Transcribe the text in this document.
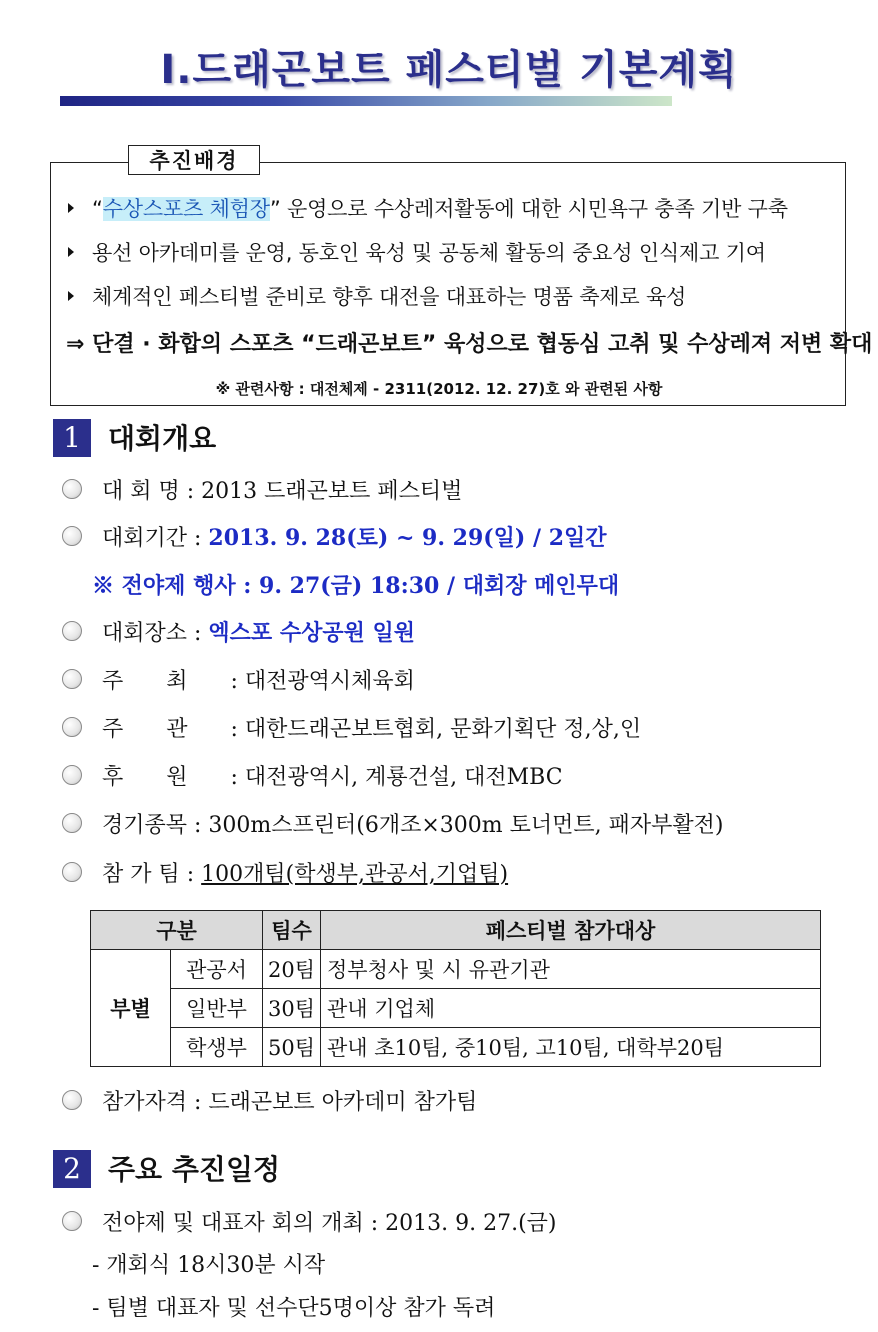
Ⅰ.드래곤보트 페스티벌 기본계획
추진배경
“수상스포츠 체험장” 운영으로 수상레저활동에 대한 시민욕구 충족 기반 구축
용선 아카데미를 운영, 동호인 육성 및 공동체 활동의 중요성 인식제고 기여
체계적인 페스티벌 준비로 향후 대전을 대표하는 명품 축제로 육성
⇒ 단결 · 화합의 스포츠 “드래곤보트” 육성으로 협동심 고취 및 수상레져 저변 확대
※ 관련사항 : 대전체제 - 2311(2012. 12. 27)호 와 관련된 사항
1 대회개요
대 회 명 : 2013 드래곤보트 페스티벌
대회기간 : 2013. 9. 28(토) ~ 9. 29(일) / 2일간
※ 전야제 행사 : 9. 27(금) 18:30 / 대회장 메인무대
대회장소 : 엑스포 수상공원 일원
주 최 : 대전광역시체육회
주 관 : 대한드래곤보트협회, 문화기획단 정,상,인
후 원 : 대전광역시, 계룡건설, 대전MBC
경기종목 : 300m스프린터(6개조×300m 토너먼트, 패자부활전)
참 가 팀 : 100개팀(학생부,관공서,기업팀)
구분		팀수	페스티벌 참가대상
부별	관공서	20팀	정부청사 및 시 유관기관
	일반부	30팀	관내 기업체
	학생부	50팀	관내 초10팀, 중10팀, 고10팀, 대학부20팀
참가자격 : 드래곤보트 아카데미 참가팀
2 주요 추진일정
전야제 및 대표자 회의 개최 : 2013. 9. 27.(금)
- 개회식 18시30분 시작
- 팀별 대표자 및 선수단5명이상 참가 독려
